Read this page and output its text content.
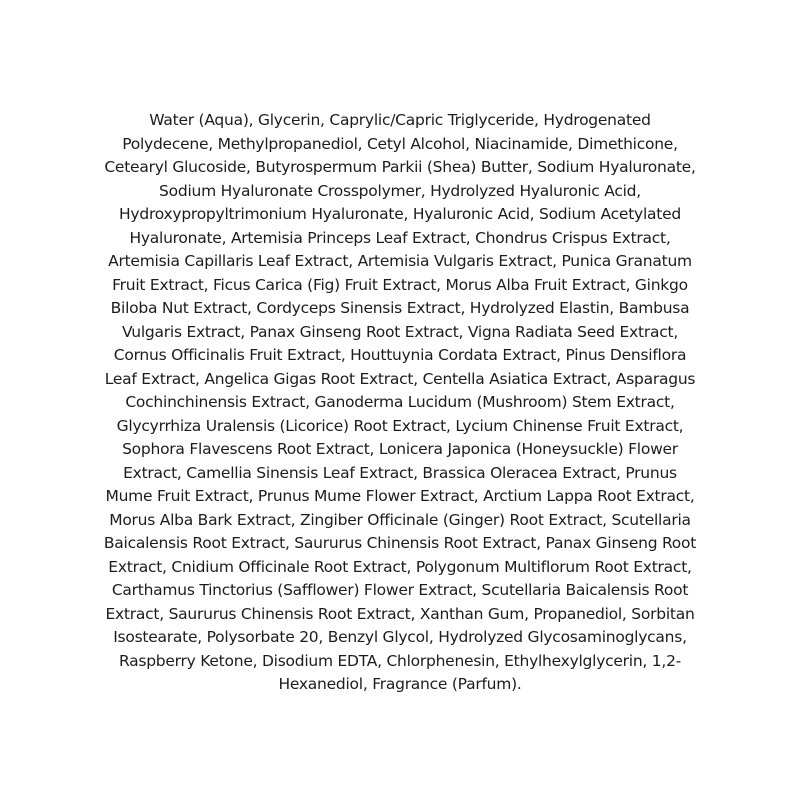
Water (Aqua), Glycerin, Caprylic/Capric Triglyceride, Hydrogenated
Polydecene, Methylpropanediol, Cetyl Alcohol, Niacinamide, Dimethicone,
Cetearyl Glucoside, Butyrospermum Parkii (Shea) Butter, Sodium Hyaluronate,
Sodium Hyaluronate Crosspolymer, Hydrolyzed Hyaluronic Acid,
Hydroxypropyltrimonium Hyaluronate, Hyaluronic Acid, Sodium Acetylated
Hyaluronate, Artemisia Princeps Leaf Extract, Chondrus Crispus Extract,
Artemisia Capillaris Leaf Extract, Artemisia Vulgaris Extract, Punica Granatum
Fruit Extract, Ficus Carica (Fig) Fruit Extract, Morus Alba Fruit Extract, Ginkgo
Biloba Nut Extract, Cordyceps Sinensis Extract, Hydrolyzed Elastin, Bambusa
Vulgaris Extract, Panax Ginseng Root Extract, Vigna Radiata Seed Extract,
Cornus Officinalis Fruit Extract, Houttuynia Cordata Extract, Pinus Densiflora
Leaf Extract, Angelica Gigas Root Extract, Centella Asiatica Extract, Asparagus
Cochinchinensis Extract, Ganoderma Lucidum (Mushroom) Stem Extract,
Glycyrrhiza Uralensis (Licorice) Root Extract, Lycium Chinense Fruit Extract,
Sophora Flavescens Root Extract, Lonicera Japonica (Honeysuckle) Flower
Extract, Camellia Sinensis Leaf Extract, Brassica Oleracea Extract, Prunus
Mume Fruit Extract, Prunus Mume Flower Extract, Arctium Lappa Root Extract,
Morus Alba Bark Extract, Zingiber Officinale (Ginger) Root Extract, Scutellaria
Baicalensis Root Extract, Saururus Chinensis Root Extract, Panax Ginseng Root
Extract, Cnidium Officinale Root Extract, Polygonum Multiflorum Root Extract,
Carthamus Tinctorius (Safflower) Flower Extract, Scutellaria Baicalensis Root
Extract, Saururus Chinensis Root Extract, Xanthan Gum, Propanediol, Sorbitan
Isostearate, Polysorbate 20, Benzyl Glycol, Hydrolyzed Glycosaminoglycans,
Raspberry Ketone, Disodium EDTA, Chlorphenesin, Ethylhexylglycerin, 1,2-
Hexanediol, Fragrance (Parfum).
